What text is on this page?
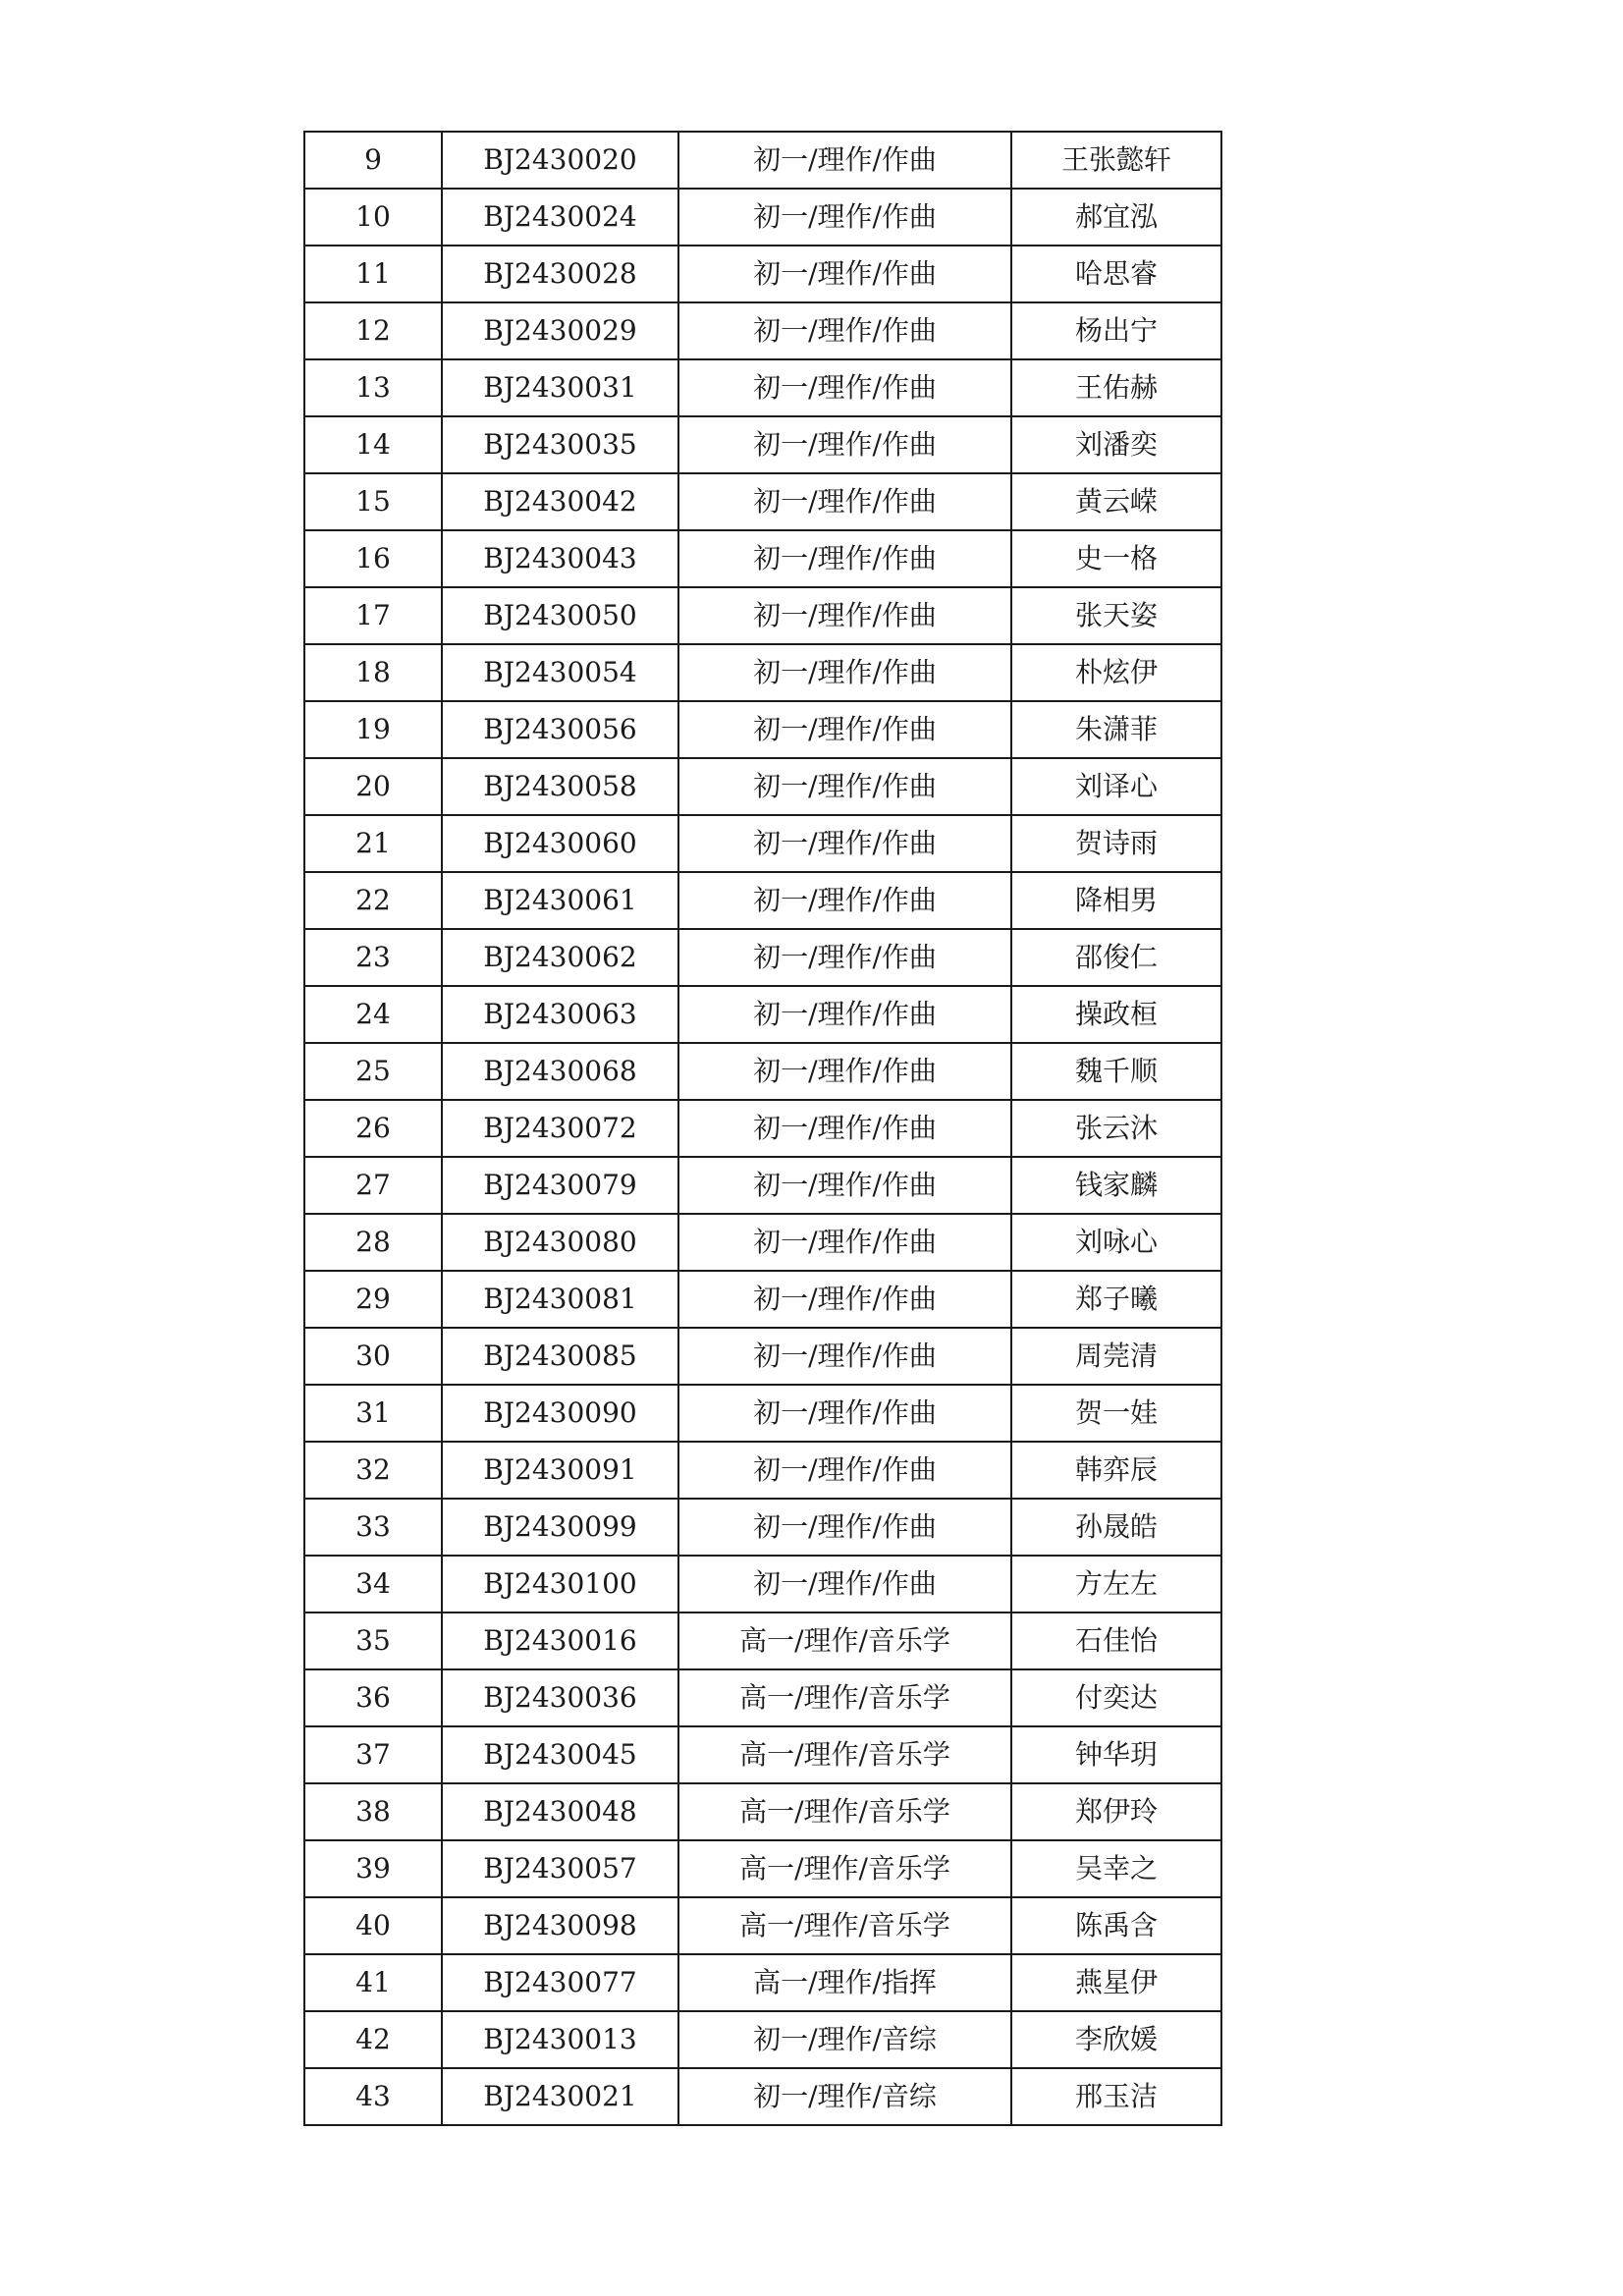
9	BJ2430020	初一/理作/作曲	王张懿轩
10	BJ2430024	初一/理作/作曲	郝宜泓
11	BJ2430028	初一/理作/作曲	哈思睿
12	BJ2430029	初一/理作/作曲	杨出宁
13	BJ2430031	初一/理作/作曲	王佑赫
14	BJ2430035	初一/理作/作曲	刘潘奕
15	BJ2430042	初一/理作/作曲	黄云嵘
16	BJ2430043	初一/理作/作曲	史一格
17	BJ2430050	初一/理作/作曲	张天姿
18	BJ2430054	初一/理作/作曲	朴炫伊
19	BJ2430056	初一/理作/作曲	朱潇菲
20	BJ2430058	初一/理作/作曲	刘译心
21	BJ2430060	初一/理作/作曲	贺诗雨
22	BJ2430061	初一/理作/作曲	降相男
23	BJ2430062	初一/理作/作曲	邵俊仁
24	BJ2430063	初一/理作/作曲	操政桓
25	BJ2430068	初一/理作/作曲	魏千顺
26	BJ2430072	初一/理作/作曲	张云沐
27	BJ2430079	初一/理作/作曲	钱家麟
28	BJ2430080	初一/理作/作曲	刘咏心
29	BJ2430081	初一/理作/作曲	郑子曦
30	BJ2430085	初一/理作/作曲	周莞清
31	BJ2430090	初一/理作/作曲	贺一娃
32	BJ2430091	初一/理作/作曲	韩弈辰
33	BJ2430099	初一/理作/作曲	孙晟皓
34	BJ2430100	初一/理作/作曲	方左左
35	BJ2430016	高一/理作/音乐学	石佳怡
36	BJ2430036	高一/理作/音乐学	付奕达
37	BJ2430045	高一/理作/音乐学	钟华玥
38	BJ2430048	高一/理作/音乐学	郑伊玲
39	BJ2430057	高一/理作/音乐学	吴幸之
40	BJ2430098	高一/理作/音乐学	陈禹含
41	BJ2430077	高一/理作/指挥	燕星伊
42	BJ2430013	初一/理作/音综	李欣媛
43	BJ2430021	初一/理作/音综	邢玉洁
